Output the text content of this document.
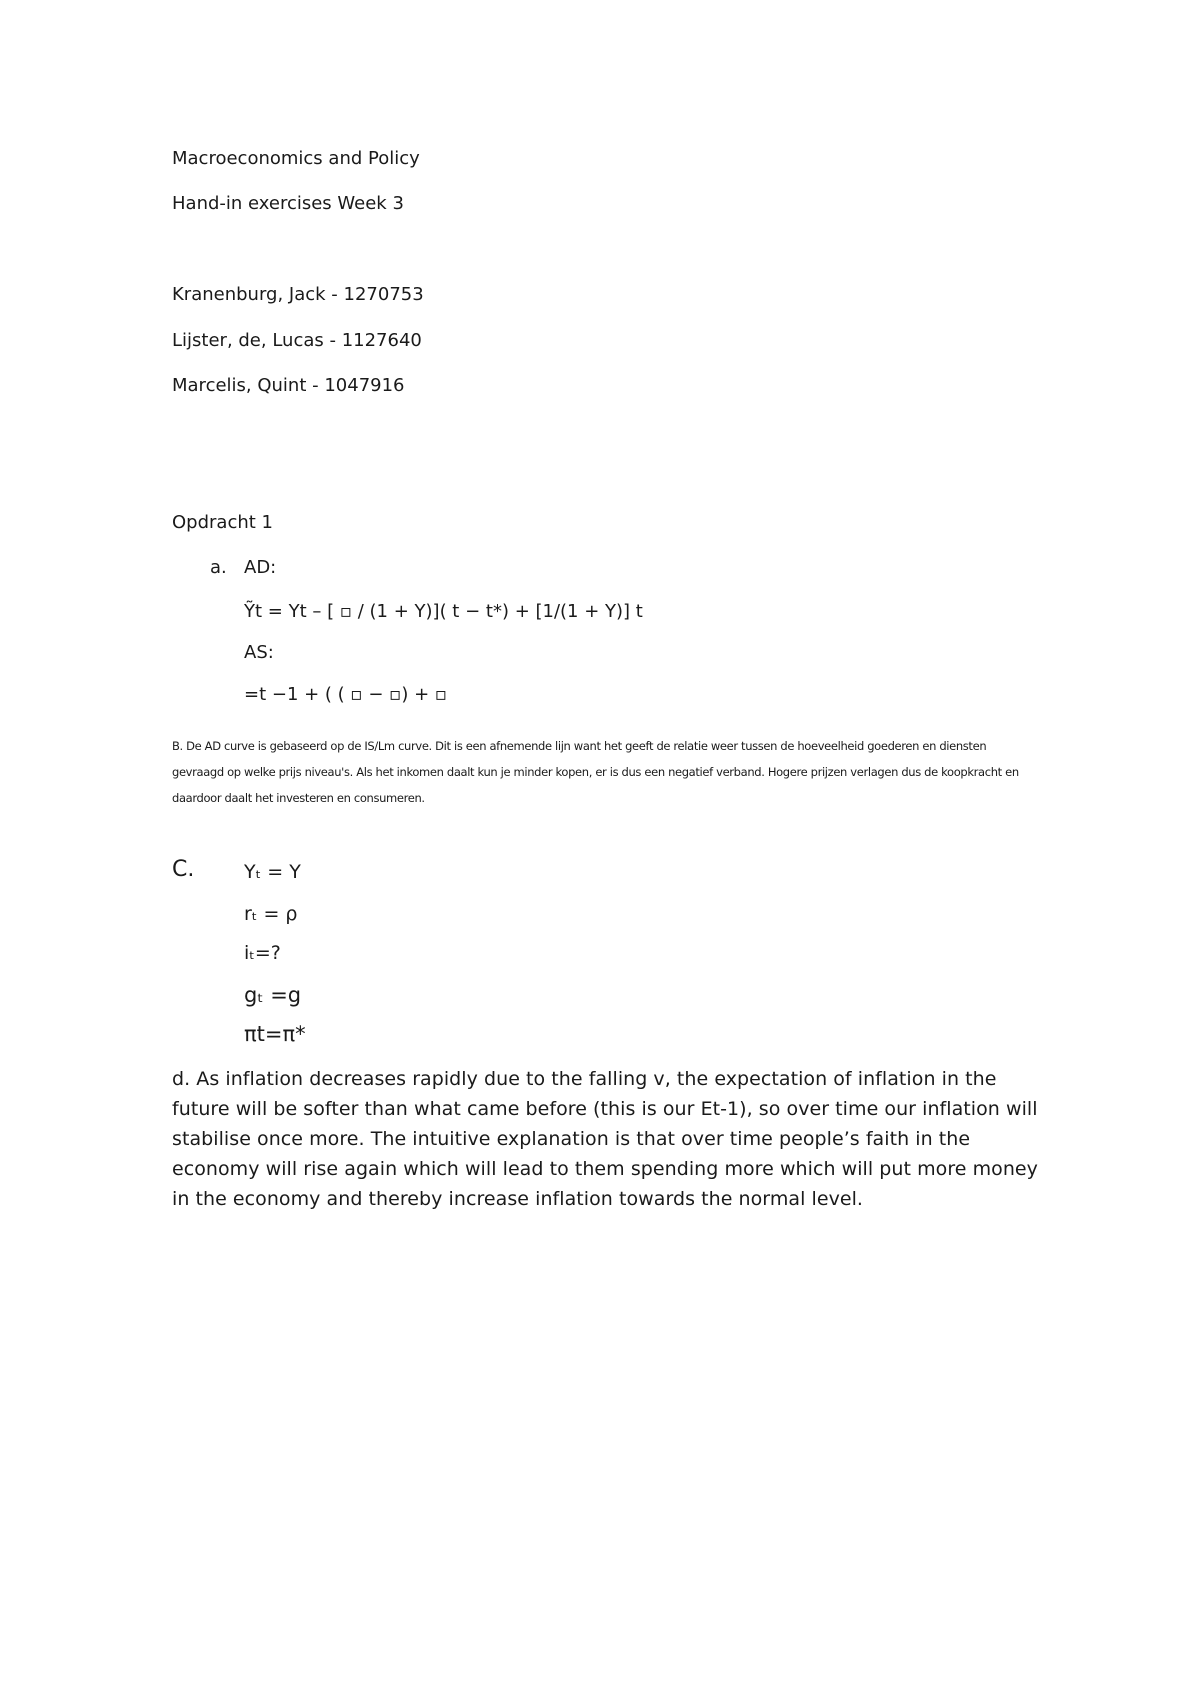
Macroeconomics and Policy
Hand-in exercises Week 3
Kranenburg, Jack - 1270753
Lijster, de, Lucas - 1127640
Marcelis, Quint - 1047916
Opdracht 1
a. AD:
Ỹt = Yt – [ ▫ / (1 + Y)]( t − t*) + [1/(1 + Y)] t
AS:
=t −1 + ( ( ▫ − ▫) + ▫
B. De AD curve is gebaseerd op de IS/Lm curve. Dit is een afnemende lijn want het geeft de relatie weer tussen de hoeveelheid goederen en diensten gevraagd op welke prijs niveau's. Als het inkomen daalt kun je minder kopen, er is dus een negatief verband. Hogere prijzen verlagen dus de koopkracht en daardoor daalt het investeren en consumeren.
C.	Yₜ = Y
rₜ = ρ
iₜ=?
gₜ =g
πt=π*
d. As inflation decreases rapidly due to the falling v, the expectation of inflation in the future will be softer than what came before (this is our Et-1), so over time our inflation will stabilise once more. The intuitive explanation is that over time people’s faith in the economy will rise again which will lead to them spending more which will put more money in the economy and thereby increase inflation towards the normal level.
